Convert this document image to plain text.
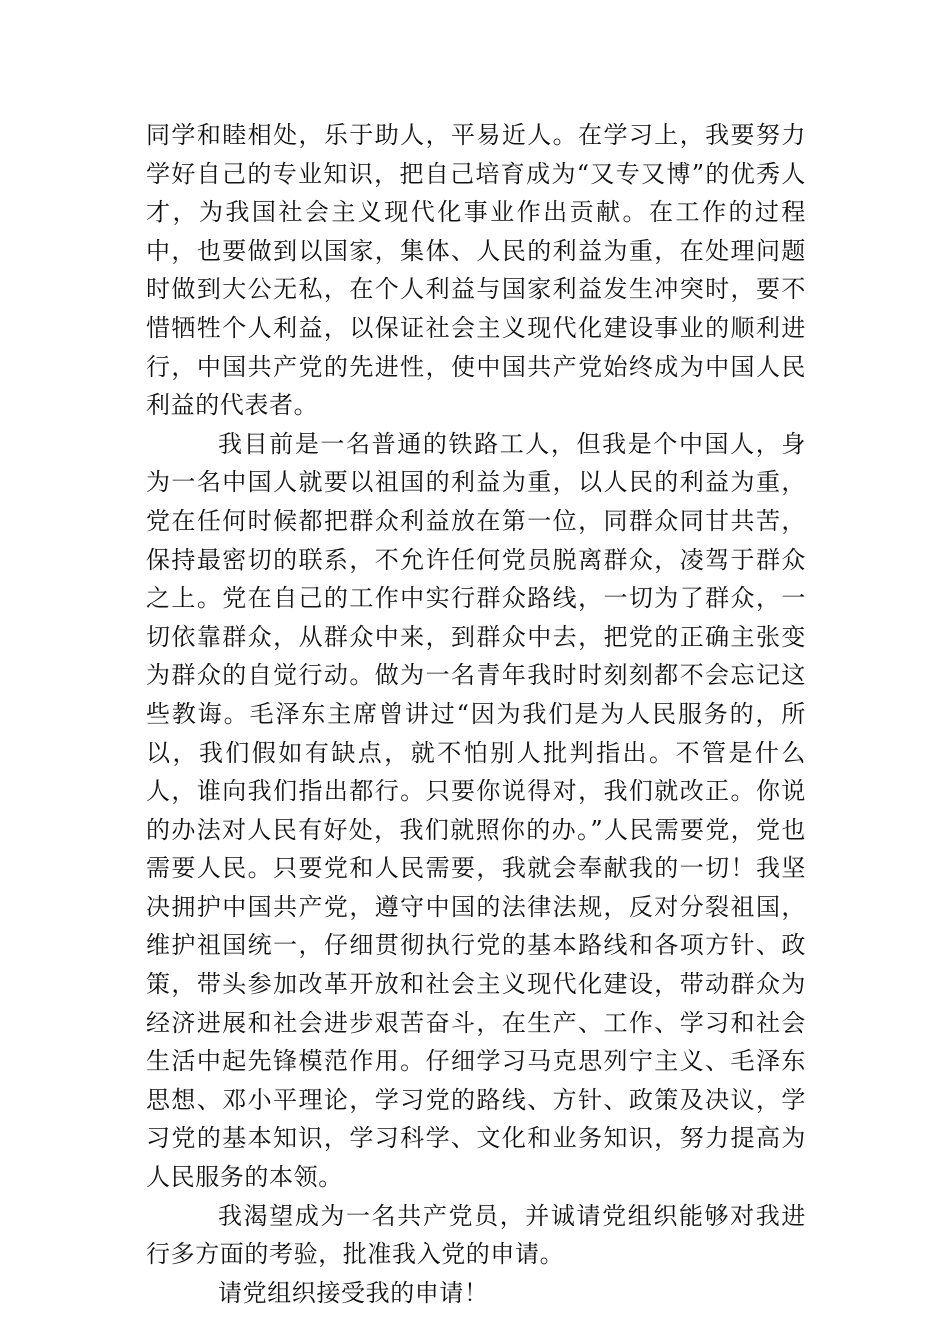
同学和睦相处，乐于助人，平易近人。在学习上，我要努力学好自己的专业知识，把自己培育成为“又专又博”的优秀人才，为我国社会主义现代化事业作出贡献。在工作的过程中，也要做到以国家，集体、人民的利益为重，在处理问题时做到大公无私，在个人利益与国家利益发生冲突时，要不惜牺牲个人利益，以保证社会主义现代化建设事业的顺利进行，中国共产党的先进性，使中国共产党始终成为中国人民利益的代表者。

我目前是一名普通的铁路工人，但我是个中国人，身为一名中国人就要以祖国的利益为重，以人民的利益为重，党在任何时候都把群众利益放在第一位，同群众同甘共苦，保持最密切的联系，不允许任何党员脱离群众，凌驾于群众之上。党在自己的工作中实行群众路线，一切为了群众，一切依靠群众，从群众中来，到群众中去，把党的正确主张变为群众的自觉行动。做为一名青年我时时刻刻都不会忘记这些教诲。毛泽东主席曾讲过“因为我们是为人民服务的，所以，我们假如有缺点，就不怕别人批判指出。不管是什么人，谁向我们指出都行。只要你说得对，我们就改正。你说的办法对人民有好处，我们就照你的办。”人民需要党，党也需要人民。只要党和人民需要，我就会奉献我的一切！我坚决拥护中国共产党，遵守中国的法律法规，反对分裂祖国，维护祖国统一，仔细贯彻执行党的基本路线和各项方针、政策，带头参加改革开放和社会主义现代化建设，带动群众为经济进展和社会进步艰苦奋斗，在生产、工作、学习和社会生活中起先锋模范作用。仔细学习马克思列宁主义、毛泽东思想、邓小平理论，学习党的路线、方针、政策及决议，学习党的基本知识，学习科学、文化和业务知识，努力提高为人民服务的本领。

我渴望成为一名共产党员，并诚请党组织能够对我进行多方面的考验，批准我入党的申请。

请党组织接受我的申请！
